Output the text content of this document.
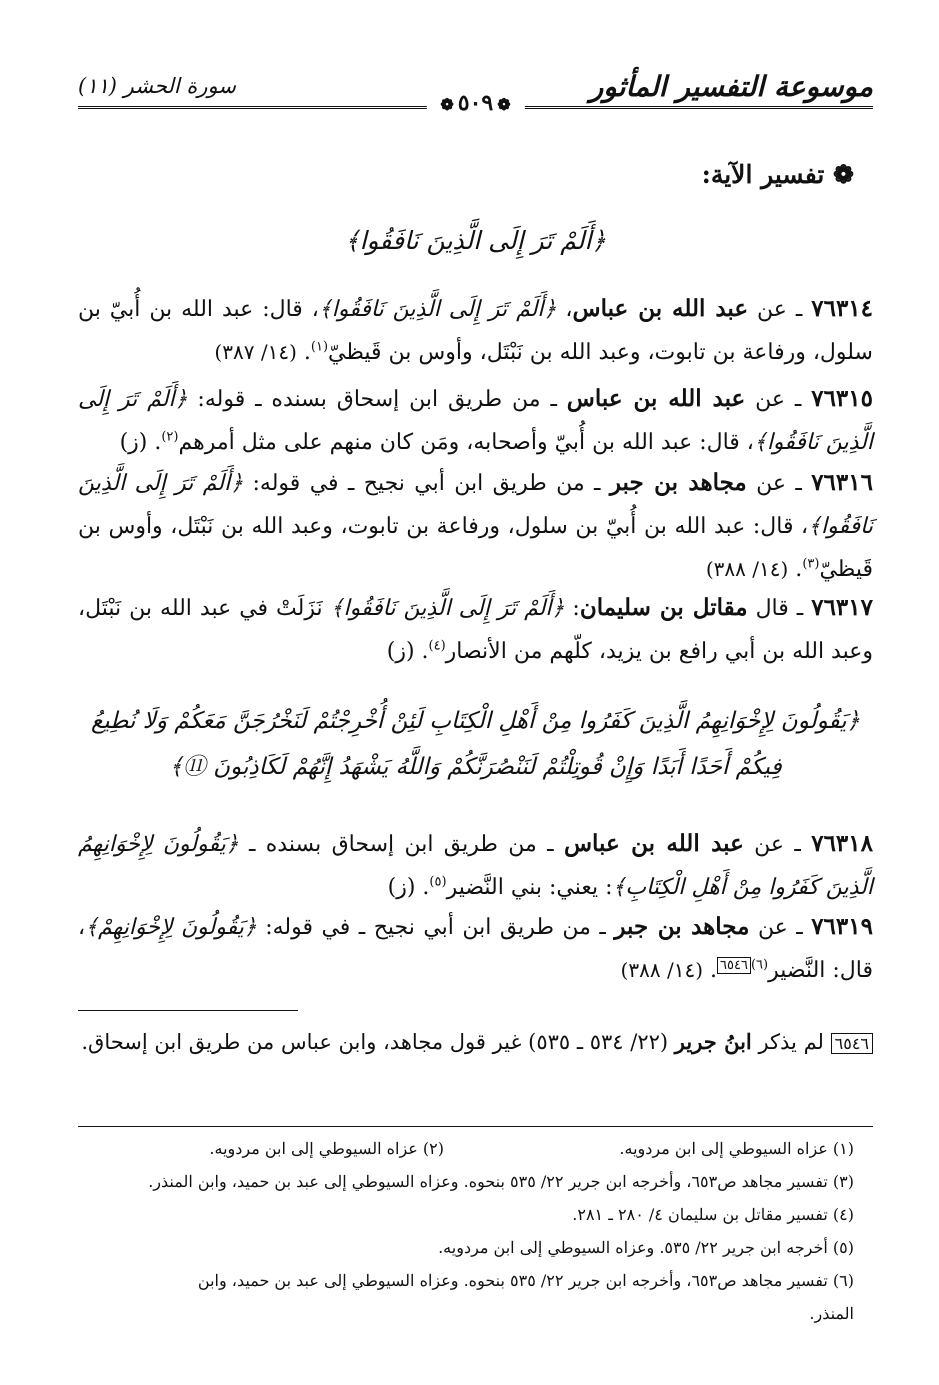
موسوعة التفسير المأثور
❁٥٠٩❁
سورة الحشر (١١)
❁ تفسير الآية:
﴿أَلَمْ تَرَ إِلَى الَّذِينَ نَافَقُوا﴾
٧٦٣١٤ ـ عن عبد الله بن عباس، ﴿أَلَمْ تَرَ إِلَى الَّذِينَ نَافَقُوا﴾، قال: عبد الله بن أُبيّ بن سلول، ورفاعة بن تابوت، وعبد الله بن نَبْتَل، وأوس بن قَيظيّ$^{(١)}$. (١٤/ ٣٨٧)
٧٦٣١٥ ـ عن عبد الله بن عباس ـ من طريق ابن إسحاق بسنده ـ قوله: ﴿أَلَمْ تَرَ إِلَى الَّذِينَ نَافَقُوا﴾، قال: عبد الله بن أُبيّ وأصحابه، ومَن كان منهم على مثل أمرهم$^{(٢)}$. (ز)
٧٦٣١٦ ـ عن مجاهد بن جبر ـ من طريق ابن أبي نجيح ـ في قوله: ﴿أَلَمْ تَرَ إِلَى الَّذِينَ نَافَقُوا﴾، قال: عبد الله بن أُبيّ بن سلول، ورفاعة بن تابوت، وعبد الله بن نَبْتَل، وأوس بن قَيظيّ$^{(٣)}$. (١٤/ ٣٨٨)
٧٦٣١٧ ـ قال مقاتل بن سليمان: ﴿أَلَمْ تَرَ إِلَى الَّذِينَ نَافَقُوا﴾ نَزَلَتْ في عبد الله بن نَبْتَل، وعبد الله بن أبي رافع بن يزيد، كلّهم من الأنصار$^{(٤)}$. (ز)
﴿يَقُولُونَ لِإِخْوَانِهِمُ الَّذِينَ كَفَرُوا مِنْ أَهْلِ الْكِتَابِ لَئِنْ أُخْرِجْتُمْ لَنَخْرُجَنَّ مَعَكُمْ وَلَا نُطِيعُ
فِيكُمْ أَحَدًا أَبَدًا وَإِنْ قُوتِلْتُمْ لَنَنْصُرَنَّكُمْ وَاللَّهُ يَشْهَدُ إِنَّهُمْ لَكَاذِبُونَ ⑪﴾
٧٦٣١٨ ـ عن عبد الله بن عباس ـ من طريق ابن إسحاق بسنده ـ ﴿يَقُولُونَ لِإِخْوَانِهِمُ الَّذِينَ كَفَرُوا مِنْ أَهْلِ الْكِتَابِ﴾: يعني: بني النَّضير$^{(٥)}$. (ز)
٧٦٣١٩ ـ عن مجاهد بن جبر ـ من طريق ابن أبي نجيح ـ في قوله: ﴿يَقُولُونَ لِإِخْوَانِهِمْ﴾، قال: النَّضير$^{(٦)٦٥٤٦}$. (١٤/ ٣٨٨)
٦٥٤٦ لم يذكر ابنُ جرير (٢٢/ ٥٣٤ ـ ٥٣٥) غير قول مجاهد، وابن عباس من طريق ابن إسحاق.
(١) عزاه السيوطي إلى ابن مردويه.
(٢) عزاه السيوطي إلى ابن مردويه.
(٣) تفسير مجاهد ص٦٥٣، وأخرجه ابن جرير ٢٢/ ٥٣٥ بنحوه. وعزاه السيوطي إلى عبد بن حميد، وابن المنذر.
(٤) تفسير مقاتل بن سليمان ٤/ ٢٨٠ ـ ٢٨١.
(٥) أخرجه ابن جرير ٢٢/ ٥٣٥. وعزاه السيوطي إلى ابن مردويه.
(٦) تفسير مجاهد ص٦٥٣، وأخرجه ابن جرير ٢٢/ ٥٣٥ بنحوه. وعزاه السيوطي إلى عبد بن حميد، وابن
المنذر.
